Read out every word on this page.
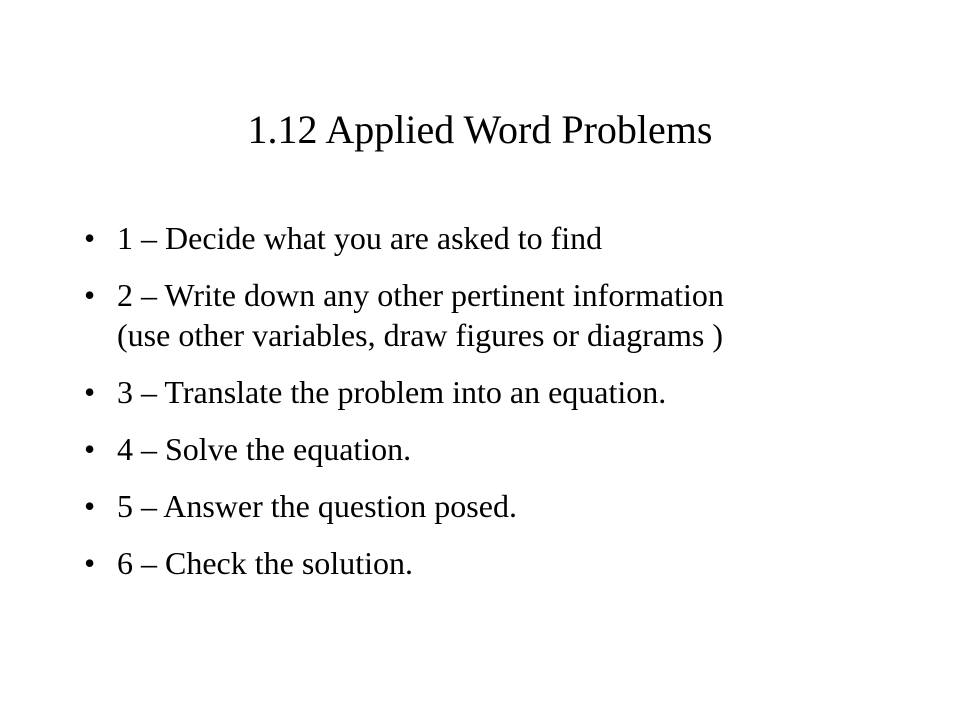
1.12 Applied Word Problems
• 1 – Decide what you are asked to find
• 2 – Write down any other pertinent information
(use other variables, draw figures or diagrams )
• 3 – Translate the problem into an equation.
• 4 – Solve the equation.
• 5 – Answer the question posed.
• 6 – Check the solution.
